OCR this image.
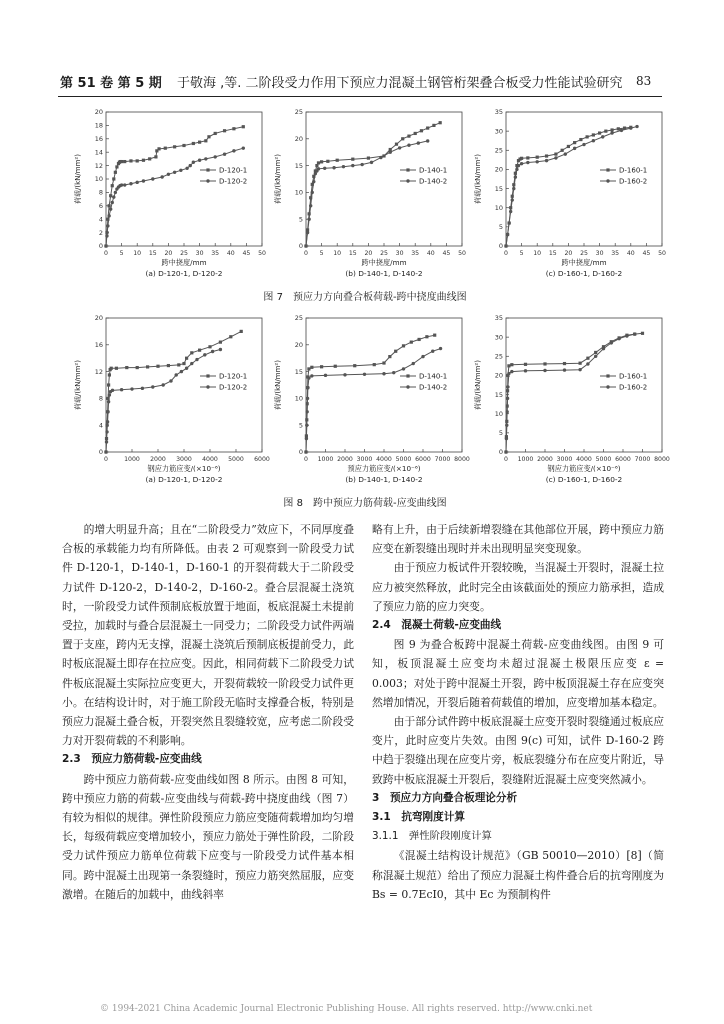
第 51 卷 第 5 期 于敬海 ,等. 二阶段受力作用下预应力混凝土钢管桁架叠合板受力性能试验研究 83
0 5 10 15 20 25 30 35 40 45 50
0
2
4
6
8
10
12
14
16
18
20
跨中挠度/mm
荷载/(kN/mm²)
(a) D-120-1, D-120-2
D-120-1
D-120-2
0 5 10 15 20 25 30 35 40 45 50
0
5
10
15
20
25
跨中挠度/mm
荷载/(kN/mm²)
(b) D-140-1, D-140-2
D-140-1
D-140-2
0 5 10 15 20 25 30 35 40 45 50
0
5
10
15
20
25
30
35
跨中挠度/mm
荷载/(kN/mm²)
(c) D-160-1, D-160-2
D-160-1
D-160-2
图 7　预应力方向叠合板荷载-跨中挠度曲线图
0	1000 2000 3000 4000 5000 6000
0
4
8
12
16
20
钢应力筋应变/(×10⁻⁶)
荷载/(kN/mm²)
(a) D-120-1, D-120-2
D-120-1
D-120-2
0 1000 2000 3000 4000 5000 6000 7000 8000
0
5
10
15
20
25
预应力筋应变/(×10⁻⁶)
荷载/(kN/mm²)
(b) D-140-1, D-140-2
D-140-1
D-140-2
0 1000 2000 3000 4000 5000 6000 7000 8000
0
5
10
15
20
25
30
35
钢应力筋应变/(×10⁻⁶)
荷载/(kN/mm²)
(c) D-160-1, D-160-2
D-160-1
D-160-2
图 8　跨中预应力筋荷载-应变曲线图

的增大明显升高；且在“二阶段受力”效应下，不同厚度叠合板的承载能力均有所降低。由表 2 可观察到一阶段受力试件 D-120-1，D-140-1，D-160-1 的开裂荷载大于二阶段受力试件 D-120-2，D-140-2，D-160-2。叠合层混凝土浇筑时，一阶段受力试件预制底板放置于地面，板底混凝土未提前受拉，加载时与叠合层混凝土一同受力；二阶段受力试件两端置于支座，跨内无支撑，混凝土浇筑后预制底板提前受力，此时板底混凝土即存在拉应变。因此，相同荷载下二阶段受力试件板底混凝土实际拉应变更大，开裂荷载较一阶段受力试件更小。在结构设计时，对于施工阶段无临时支撑叠合板，特别是预应力混凝土叠合板，开裂突然且裂缝较宽，应考虑二阶段受力对开裂荷载的不利影响。

2.3　预应力筋荷载-应变曲线

跨中预应力筋荷载-应变曲线如图 8 所示。由图 8 可知，跨中预应力筋的荷载-应变曲线与荷载-跨中挠度曲线（图 7）有较为相似的规律。弹性阶段预应力筋应变随荷载增加均匀增长，每级荷载应变增加较小，预应力筋处于弹性阶段，二阶段受力试件预应力筋单位荷载下应变与一阶段受力试件基本相同。跨中混凝土出现第一条裂缝时，预应力筋突然屈服，应变激增。在随后的加载中，曲线斜率

略有上升，由于后续新增裂缝在其他部位开展，跨中预应力筋应变在新裂缝出现时并未出现明显突变现象。

由于预应力板试件开裂较晚，当混凝土开裂时，混凝土拉应力被突然释放，此时完全由该截面处的预应力筋承担，造成了预应力筋的应力突变。

2.4　混凝土荷载-应变曲线

图 9 为叠合板跨中混凝土荷载-应变曲线图。由图 9 可知，板顶混凝土应变均未超过混凝土极限压应变 ε = 0.003；对处于跨中混凝土开裂，跨中板顶混凝土存在应变突然增加情况，开裂后随着荷载值的增加，应变增加基本稳定。

由于部分试件跨中板底混凝土应变开裂时裂缝通过板底应变片，此时应变片失效。由图 9(c) 可知，试件 D-160-2 跨中趋于裂缝出现在应变片旁，板底裂缝分布在应变片附近，导致跨中板底混凝土开裂后，裂缝附近混凝土应变突然减小。

3　预应力方向叠合板理论分析

3.1　抗弯刚度计算

3.1.1　弹性阶段刚度计算

《混凝土结构设计规范》（GB 50010—2010）[8]（简称混凝土规范）给出了预应力混凝土构件叠合后的抗弯刚度为 Bs = 0.7EcI0，其中 Ec 为预制构件

© 1994-2021 China Academic Journal Electronic Publishing House. All rights reserved. http://www.cnki.net
